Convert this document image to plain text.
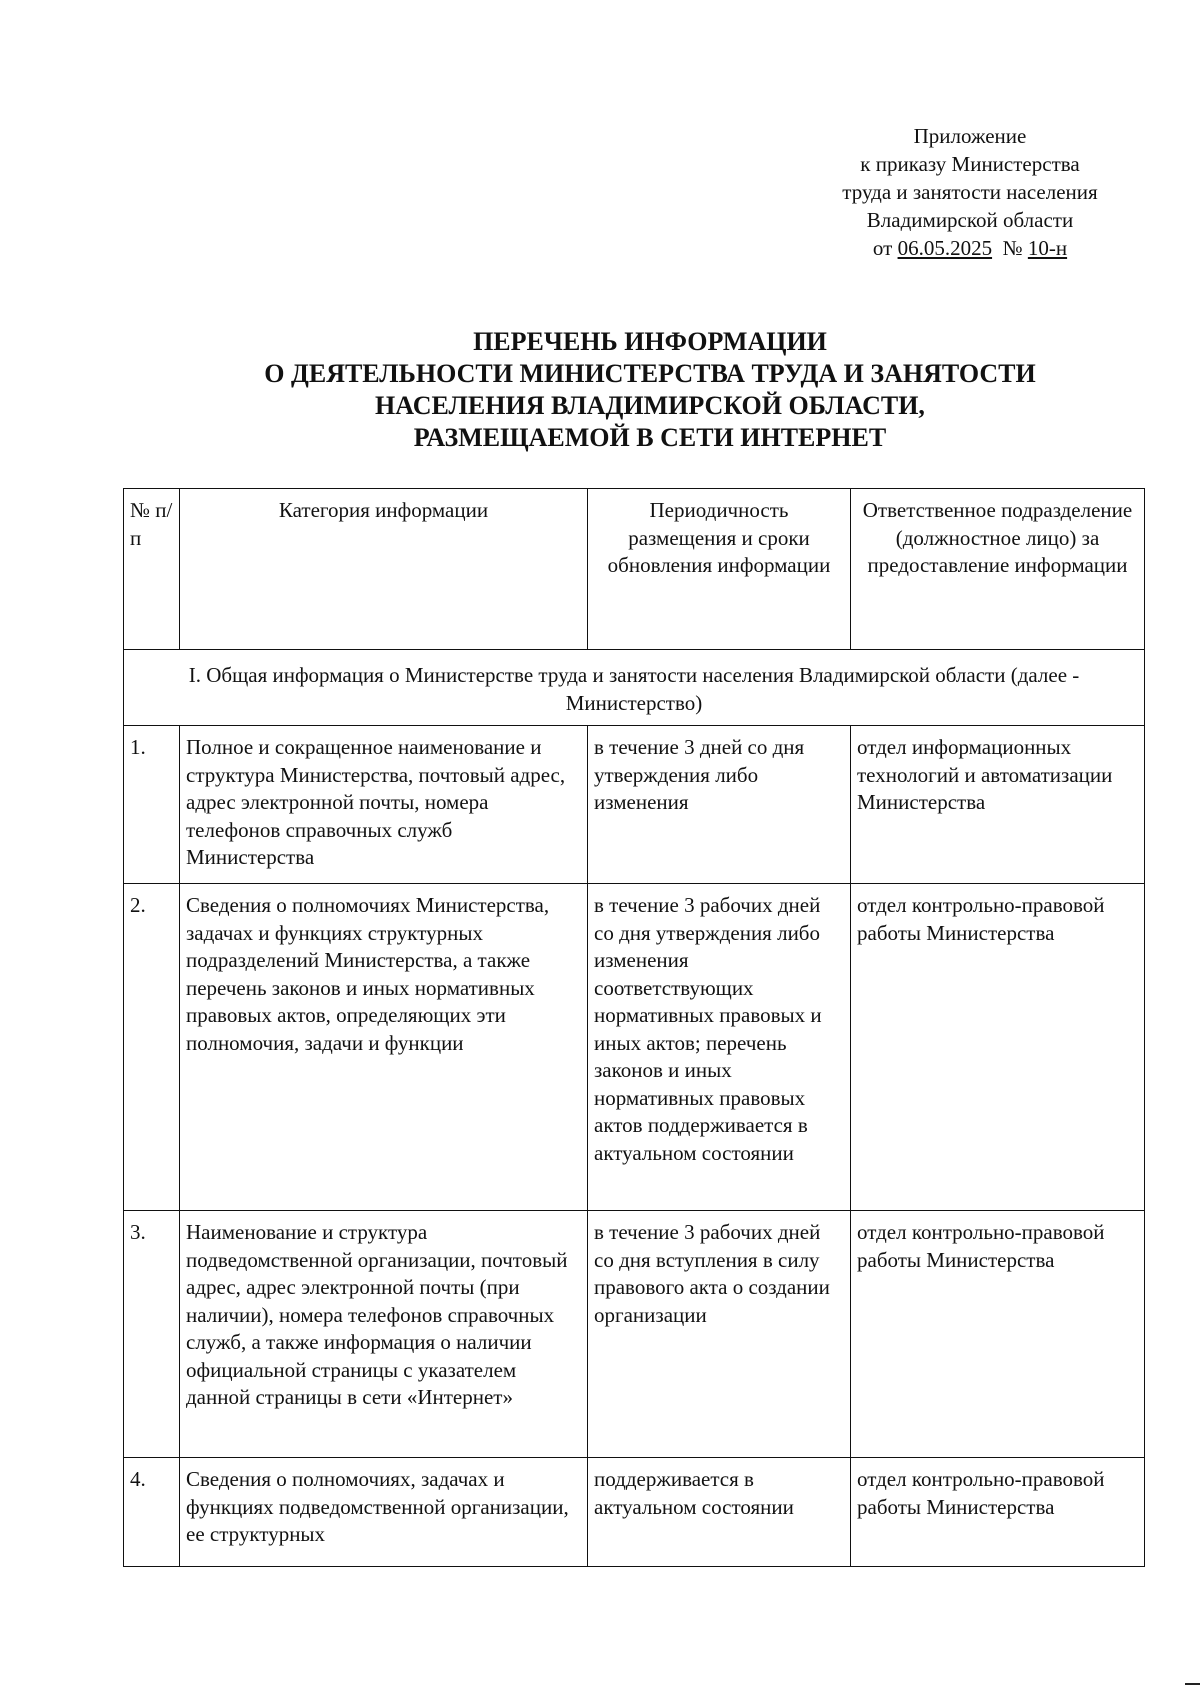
Приложение
к приказу Министерства
труда и занятости населения
Владимирской области
от 06.05.2025 № 10-н
ПЕРЕЧЕНЬ ИНФОРМАЦИИ
О ДЕЯТЕЛЬНОСТИ МИНИСТЕРСТВА ТРУДА И ЗАНЯТОСТИ
НАСЕЛЕНИЯ ВЛАДИМИРСКОЙ ОБЛАСТИ,
РАЗМЕЩАЕМОЙ В СЕТИ ИНТЕРНЕТ
№ п/п	Категория информации	Периодичность размещения и сроки обновления информации	Ответственное подразделение (должностное лицо) за предоставление информации
I. Общая информация о Министерстве труда и занятости населения Владимирской области (далее - Министерство)			
1.	Полное и сокращенное наименование и структура Министерства, почтовый адрес, адрес электронной почты, номера телефонов справочных служб Министерства	в течение 3 дней со дня утверждения либо изменения	отдел информационных технологий и автоматизации Министерства
2.	Сведения о полномочиях Министерства, задачах и функциях структурных подразделений Министерства, а также перечень законов и иных нормативных правовых актов, определяющих эти полномочия, задачи и функции	в течение 3 рабочих дней со дня утверждения либо изменения соответствующих нормативных правовых и иных актов; перечень законов и иных нормативных правовых актов поддерживается в актуальном состоянии	отдел контрольно-правовой работы Министерства
3.	Наименование и структура подведомственной организации, почтовый адрес, адрес электронной почты (при наличии), номера телефонов справочных служб, а также информация о наличии официальной страницы с указателем данной страницы в сети «Интернет»	в течение 3 рабочих дней со дня вступления в силу правового акта о создании организации	отдел контрольно-правовой работы Министерства
4.	Сведения о полномочиях, задачах и функциях подведомственной организации, ее структурных	поддерживается в актуальном состоянии	отдел контрольно-правовой работы Министерства
